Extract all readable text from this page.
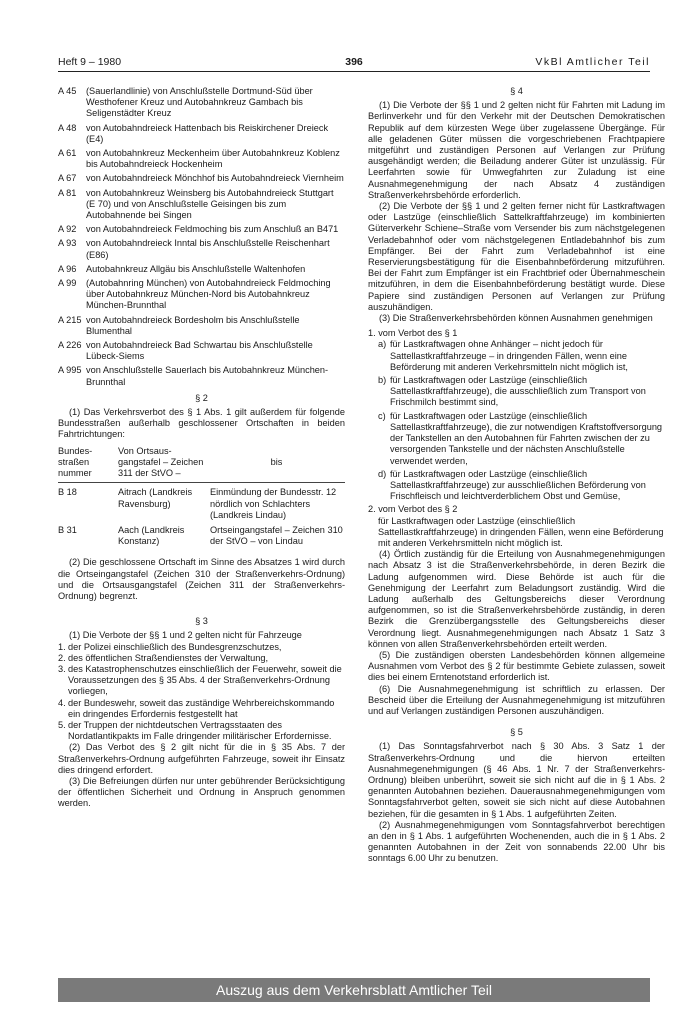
Heft 9 – 1980	396	VkBl Amtlicher Teil
A 45	(Sauerlandlinie) von Anschlußstelle Dortmund-Süd über Westhofener Kreuz und Autobahnkreuz Gambach bis Seligenstädter Kreuz
A 48	von Autobahndreieck Hattenbach bis Reiskirchener Dreieck (E4)
A 61	von Autobahnkreuz Meckenheim über Autobahnkreuz Koblenz bis Autobahndreieck Hockenheim
A 67	von Autobahndreieck Mönchhof bis Autobahndreieck Viernheim
A 81	von Autobahnkreuz Weinsberg bis Autobahndreieck Stuttgart (E 70) und von Anschlußstelle Geisingen bis zum Autobahnende bei Singen
A 92	von Autobahndreieck Feldmoching bis zum Anschluß an B471
A 93	von Autobahndreieck Inntal bis Anschlußstelle Reischenhart (E86)
A 96	Autobahnkreuz Allgäu bis Anschlußstelle Waltenhofen
A 99	(Autobahnring München) von Autobahndreieck Feldmoching über Autobahnkreuz München-Nord bis Autobahnkreuz München-Brunnthal
A 215 von Autobahndreieck Bordesholm bis Anschlußstelle Blumenthal
A 226 von Autobahndreieck Bad Schwartau bis Anschlußstelle Lübeck-Siems
A 995 von Anschlußstelle Sauerlach bis Autobahnkreuz München-Brunnthal
§ 2

(1) Das Verkehrsverbot des § 1 Abs. 1 gilt außerdem für folgende Bundesstraßen außerhalb geschlossener Ortschaften in beiden Fahrtrichtungen:

Bundes-straßen nummer	Von Ortsaus-gangstafel – Zeichen 311 der StVO –	bis
B 18	Aitrach (Landkreis Ravensburg)	Einmündung der Bundesstr. 12 nördlich von Schlachters (Landkreis Lindau)
B 31	Aach (Landkreis Konstanz)	Ortseingangstafel – Zeichen 310 der StVO – von Lindau

(2) Die geschlossene Ortschaft im Sinne des Absatzes 1 wird durch die Ortseingangstafel (Zeichen 310 der Straßenverkehrs-Ordnung) und die Ortsausgangstafel (Zeichen 311 der Straßenverkehrs-Ordnung) begrenzt.

§ 3

(1) Die Verbote der §§ 1 und 2 gelten nicht für Fahrzeuge

1. der Polizei einschließlich des Bundesgrenzschutzes,
2. des öffentlichen Straßendienstes der Verwaltung,
3. des Katastrophenschutzes einschließlich der Feuerwehr, soweit die Voraussetzungen des § 35 Abs. 4 der Straßenverkehrs-Ordnung vorliegen,
4. der Bundeswehr, soweit das zuständige Wehrbereichskommando ein dringendes Erfordernis festgestellt hat
5. der Truppen der nichtdeutschen Vertragsstaaten des Nordatlantikpakts im Falle dringender militärischer Erfordernisse.

(2) Das Verbot des § 2 gilt nicht für die in § 35 Abs. 7 der Straßenverkehrs-Ordnung aufgeführten Fahrzeuge, soweit ihr Einsatz dies dringend erfordert.

(3) Die Befreiungen dürfen nur unter gebührender Berücksichtigung der öffentlichen Sicherheit und Ordnung in Anspruch genommen werden.

§ 4

(1) Die Verbote der §§ 1 und 2 gelten nicht für Fahrten mit Ladung im Berlinverkehr und für den Verkehr mit der Deutschen Demokratischen Republik auf dem kürzesten Wege über zugelassene Übergänge. Für alle geladenen Güter müssen die vorgeschriebenen Frachtpapiere mitgeführt und zuständigen Personen auf Verlangen zur Prüfung ausgehändigt werden; die Beiladung anderer Güter ist unzulässig. Für Leerfahrten sowie für Umwegfahrten zur Zuladung ist eine Ausnahmegenehmigung der nach Absatz 4 zuständigen Straßenverkehrsbehörde erforderlich.

(2) Die Verbote der §§ 1 und 2 gelten ferner nicht für Lastkraftwagen oder Lastzüge (einschließlich Sattelkraftfahrzeuge) im kombinierten Güterverkehr Schiene–Straße vom Versender bis zum nächstgelegenen Verladebahnhof oder vom nächstgelegenen Entladebahnhof bis zum Empfänger. Bei der Fahrt zum Verladebahnhof ist eine Reservierungsbestätigung für die Eisenbahnbeförderung mitzuführen. Bei der Fahrt zum Empfänger ist ein Frachtbrief oder Übernahmeschein mitzuführen, in dem die Eisenbahnbeförderung bestätigt wurde. Diese Papiere sind zuständigen Personen auf Verlangen zur Prüfung auszuhändigen.

(3) Die Straßenverkehrsbehörden können Ausnahmen genehmigen

1. vom Verbot des § 1
a) für Lastkraftwagen ohne Anhänger – nicht jedoch für Sattellastkraftfahrzeuge – in dringenden Fällen, wenn eine Beförderung mit anderen Verkehrsmitteln nicht möglich ist,
b) für Lastkraftwagen oder Lastzüge (einschließlich Sattellastkraftfahrzeuge), die ausschließlich zum Transport von Frischmilch bestimmt sind,
c) für Lastkraftwagen oder Lastzüge (einschließlich Sattellastkraftfahrzeuge), die zur notwendigen Kraftstoffversorgung der Tankstellen an den Autobahnen für Fahrten zwischen der zu versorgenden Tankstelle und der nächsten Anschlußstelle verwendet werden,
d) für Lastkraftwagen oder Lastzüge (einschließlich Sattellastkraftfahrzeuge) zur ausschließlichen Beförderung von Frischfleisch und leichtverderblichem Obst und Gemüse,
2. vom Verbot des § 2

für Lastkraftwagen oder Lastzüge (einschließlich Sattellastkraftfahrzeuge) in dringenden Fällen, wenn eine Beförderung mit anderen Verkehrsmitteln nicht möglich ist.

(4) Örtlich zuständig für die Erteilung von Ausnahmegenehmigungen nach Absatz 3 ist die Straßenverkehrsbehörde, in deren Bezirk die Ladung aufgenommen wird. Diese Behörde ist auch für die Genehmigung der Leerfahrt zum Beladungsort zuständig. Wird die Ladung außerhalb des Geltungsbereichs dieser Verordnung aufgenommen, so ist die Straßenverkehrsbehörde zuständig, in deren Bezirk die Grenzübergangsstelle des Geltungsbereichs dieser Verordnung liegt. Ausnahmegenehmigungen nach Absatz 1 Satz 3 können von allen Straßenverkehrsbehörden erteilt werden.

(5) Die zuständigen obersten Landesbehörden können allgemeine Ausnahmen vom Verbot des § 2 für bestimmte Gebiete zulassen, soweit dies bei einem Erntenotstand erforderlich ist.

(6) Die Ausnahmegenehmigung ist schriftlich zu erlassen. Der Bescheid über die Erteilung der Ausnahmegenehmigung ist mitzuführen und auf Verlangen zuständigen Personen auszuhändigen.

§ 5

(1) Das Sonntagsfahrverbot nach § 30 Abs. 3 Satz 1 der Straßenverkehrs-Ordnung und die hiervon erteilten Ausnahmegenehmigungen (§ 46 Abs. 1 Nr. 7 der Straßenverkehrs-Ordnung) bleiben unberührt, soweit sie sich nicht auf die in § 1 Abs. 2 genannten Autobahnen beziehen. Dauerausnahmegenehmigungen vom Sonntagsfahrverbot gelten, soweit sie sich nicht auf diese Autobahnen beziehen, für die gesamten in § 1 Abs. 1 aufgeführten Zeiten.

(2) Ausnahmegenehmigungen vom Sonntagsfahrverbot berechtigen an den in § 1 Abs. 1 aufgeführten Wochenenden, auch die in § 1 Abs. 2 genannten Autobahnen in der Zeit von sonnabends 22.00 Uhr bis sonntags 6.00 Uhr zu benutzen.

Auszug aus dem Verkehrsblatt Amtlicher Teil
